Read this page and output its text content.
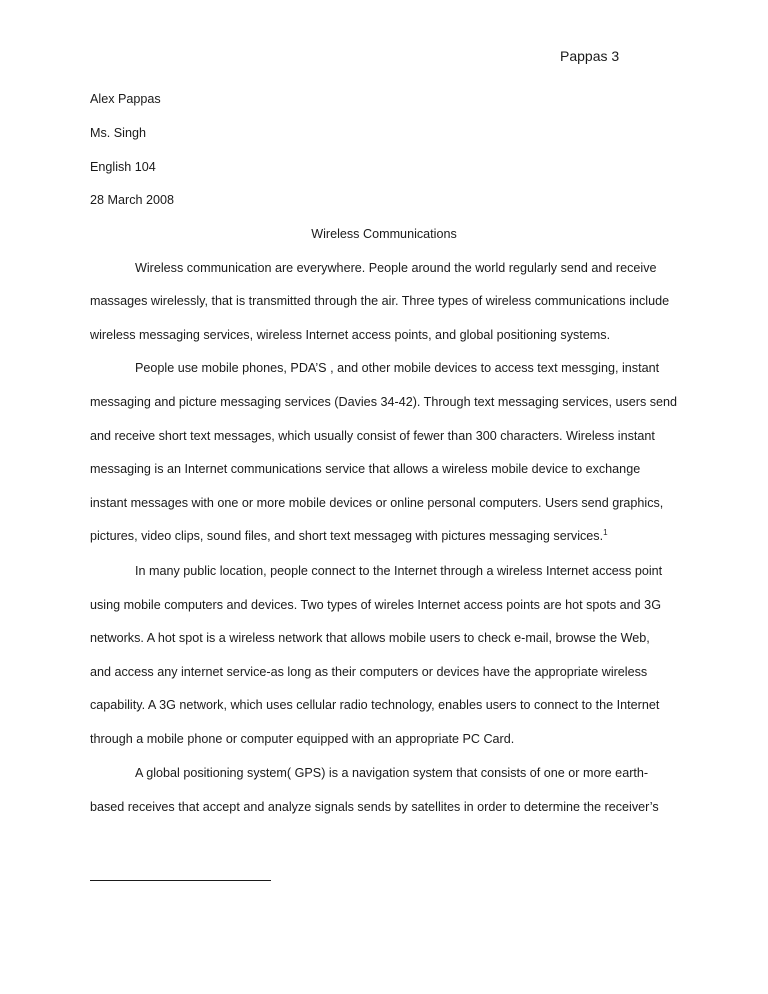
Pappas 3
Alex Pappas
Ms. Singh
English 104
28 March 2008
Wireless Communications
Wireless communication are everywhere. People around the world regularly send and receive
massages wirelessly, that is transmitted through the air. Three types of wireless communications include
wireless messaging services, wireless Internet access points, and global positioning systems.
People use mobile phones, PDA’S , and other mobile devices to access text messging, instant
messaging and picture messaging services (Davies 34-42). Through text messaging services, users send
and receive short text messages, which usually consist of fewer than 300 characters. Wireless instant
messaging is an Internet communications service that allows a wireless mobile device to exchange
instant messages with one or more mobile devices or online personal computers. Users send graphics,
pictures, video clips, sound files, and short text messageg with pictures messaging services.$^1$
In many public location, people connect to the Internet through a wireless Internet access point
using mobile computers and devices. Two types of wireles Internet access points are hot spots and 3G
networks. A hot spot is a wireless network that allows mobile users to check e-mail, browse the Web,
and access any internet service-as long as their computers or devices have the appropriate wireless
capability. A 3G network, which uses cellular radio technology, enables users to connect to the Internet
through a mobile phone or computer equipped with an appropriate PC Card.
A global positioning system( GPS) is a navigation system that consists of one or more earth-
based receives that accept and analyze signals sends by satellites in order to determine the receiver’s
